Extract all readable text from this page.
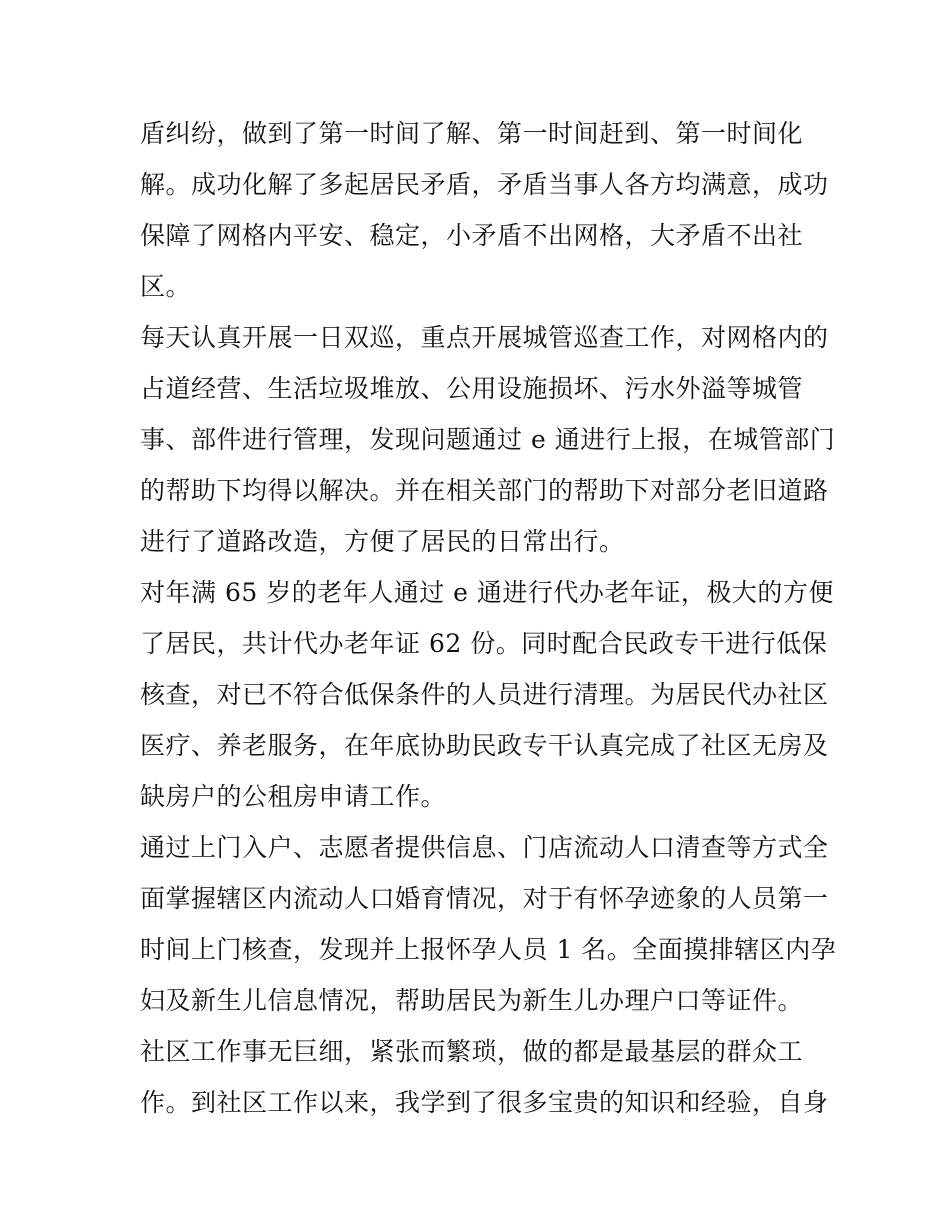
盾纠纷，做到了第一时间了解、第一时间赶到、第一时间化
解。成功化解了多起居民矛盾，矛盾当事人各方均满意，成功
保障了网格内平安、稳定，小矛盾不出网格，大矛盾不出社
区。
每天认真开展一日双巡，重点开展城管巡查工作，对网格内的
占道经营、生活垃圾堆放、公用设施损坏、污水外溢等城管
事、部件进行管理，发现问题通过 e 通进行上报，在城管部门
的帮助下均得以解决。并在相关部门的帮助下对部分老旧道路
进行了道路改造，方便了居民的日常出行。
对年满 65 岁的老年人通过 e 通进行代办老年证，极大的方便
了居民，共计代办老年证 62 份。同时配合民政专干进行低保
核查，对已不符合低保条件的人员进行清理。为居民代办社区
医疗、养老服务，在年底协助民政专干认真完成了社区无房及
缺房户的公租房申请工作。
通过上门入户、志愿者提供信息、门店流动人口清查等方式全
面掌握辖区内流动人口婚育情况，对于有怀孕迹象的人员第一
时间上门核查，发现并上报怀孕人员 1 名。全面摸排辖区内孕
妇及新生儿信息情况，帮助居民为新生儿办理户口等证件。
社区工作事无巨细，紧张而繁琐，做的都是最基层的群众工
作。到社区工作以来，我学到了很多宝贵的知识和经验，自身
